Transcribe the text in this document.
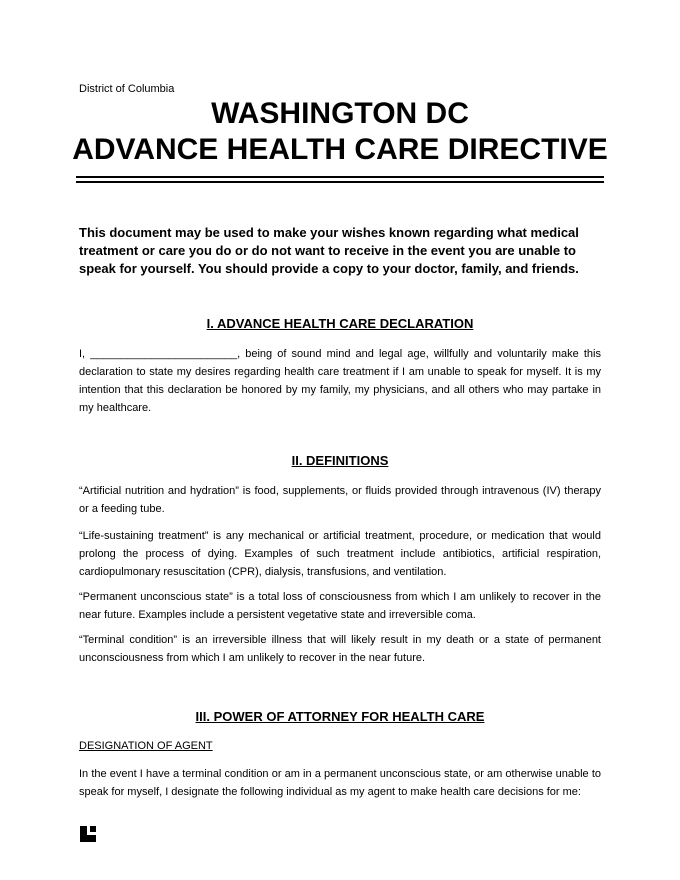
District of Columbia
WASHINGTON DC
ADVANCE HEALTH CARE DIRECTIVE
This document may be used to make your wishes known regarding what medical treatment or care you do or do not want to receive in the event you are unable to speak for yourself. You should provide a copy to your doctor, family, and friends.
I. ADVANCE HEALTH CARE DECLARATION
I, ________________________, being of sound mind and legal age, willfully and voluntarily make this declaration to state my desires regarding health care treatment if I am unable to speak for myself. It is my intention that this declaration be honored by my family, my physicians, and all others who may partake in my healthcare.
II. DEFINITIONS
“Artificial nutrition and hydration” is food, supplements, or fluids provided through intravenous (IV) therapy or a feeding tube.
“Life-sustaining treatment” is any mechanical or artificial treatment, procedure, or medication that would prolong the process of dying. Examples of such treatment include antibiotics, artificial respiration, cardiopulmonary resuscitation (CPR), dialysis, transfusions, and ventilation.
“Permanent unconscious state” is a total loss of consciousness from which I am unlikely to recover in the near future. Examples include a persistent vegetative state and irreversible coma.
“Terminal condition” is an irreversible illness that will likely result in my death or a state of permanent unconsciousness from which I am unlikely to recover in the near future.
III. POWER OF ATTORNEY FOR HEALTH CARE
DESIGNATION OF AGENT
In the event I have a terminal condition or am in a permanent unconscious state, or am otherwise unable to speak for myself, I designate the following individual as my agent to make health care decisions for me:
